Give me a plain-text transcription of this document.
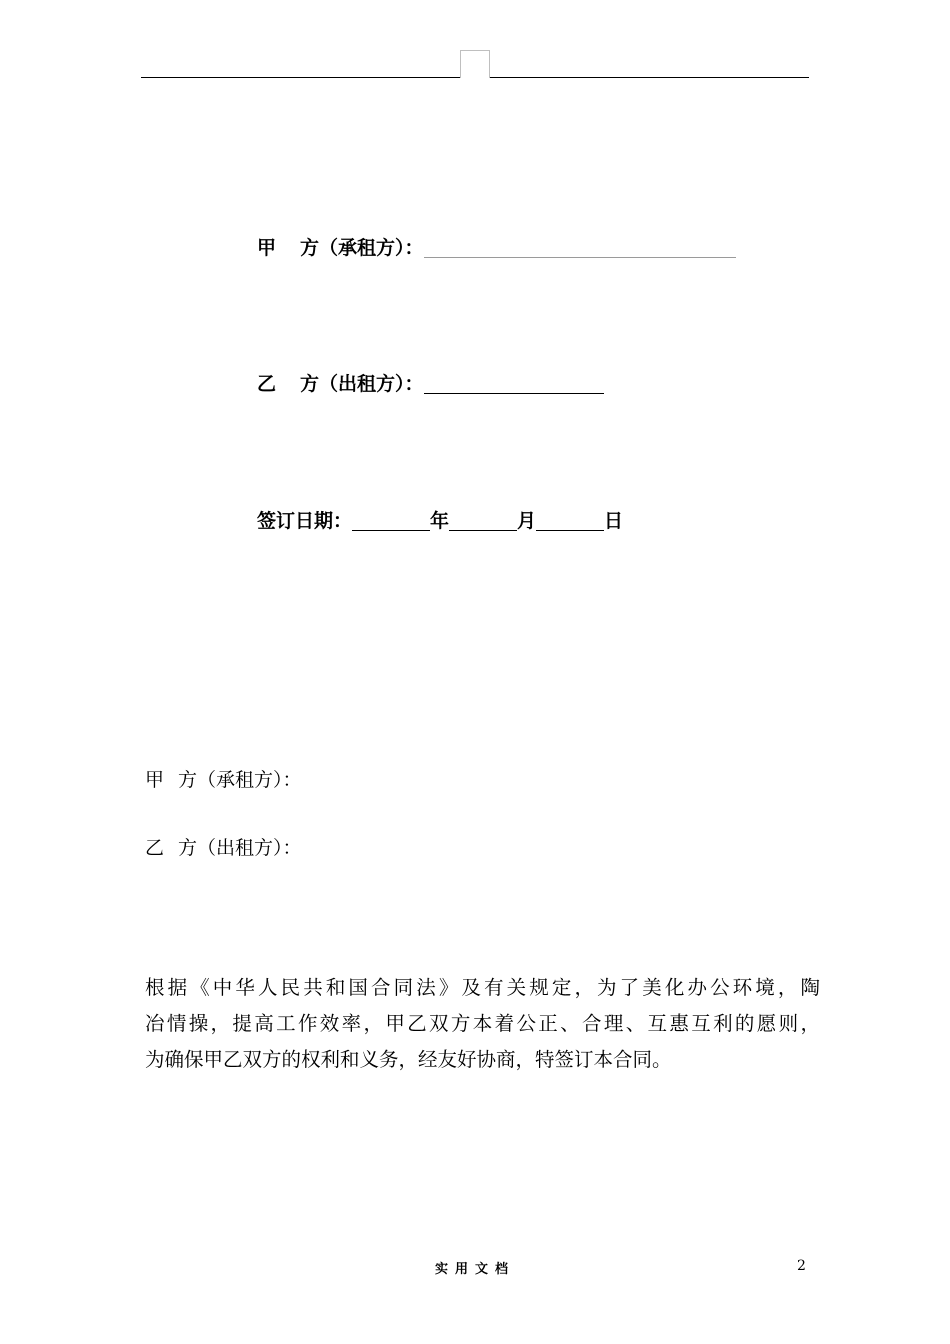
甲 方（承租方）：
乙 方（出租方）：
签订日期：	年	月	日
甲 方（承租方）：
乙 方（出租方）：
根据《中华人民共和国合同法》及有关规定，为了美化办公环境，陶
冶情操，提高工作效率，甲乙双方本着公正、合理、互惠互利的愿则，
为确保甲乙双方的权利和义务，经友好协商，特签订本合同。
实用文档	2
